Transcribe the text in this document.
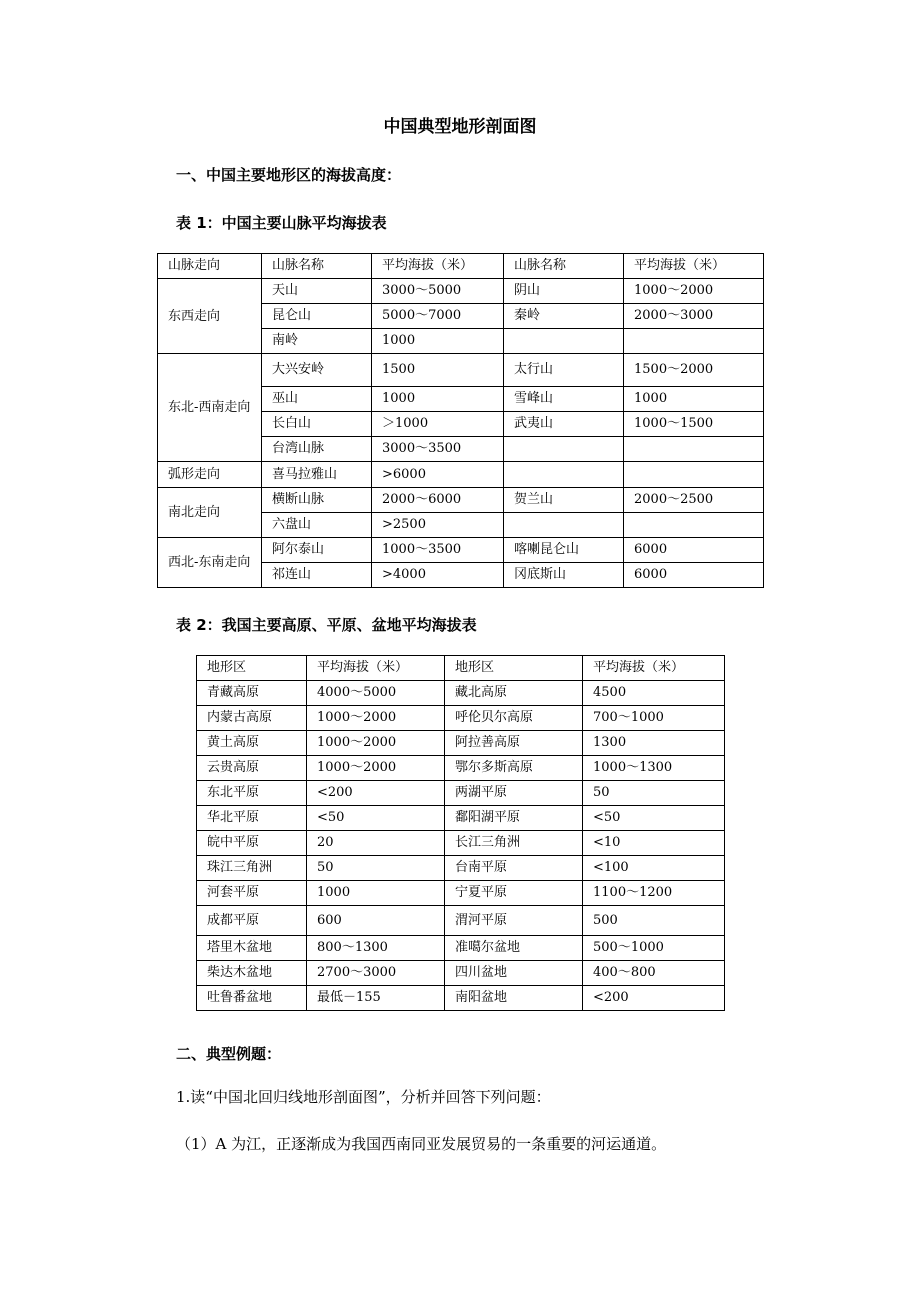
中国典型地形剖面图
一、中国主要地形区的海拔高度：
表 1：中国主要山脉平均海拔表
山脉走向	山脉名称	平均海拔（米）	山脉名称	平均海拔（米）
东西走向	天山	3000～5000	阴山	1000～2000
	昆仑山	5000～7000	秦岭	2000～3000
	南岭	1000		
东北-西南走向	大兴安岭	1500	太行山	1500～2000
	巫山	1000	雪峰山	1000
	长白山	＞1000	武夷山	1000～1500
	台湾山脉	3000～3500		
弧形走向	喜马拉雅山	>6000		
南北走向	横断山脉	2000～6000	贺兰山	2000～2500
	六盘山	>2500		
西北-东南走向	阿尔泰山	1000～3500	喀喇昆仑山	6000
	祁连山	>4000	冈底斯山	6000
表 2：我国主要高原、平原、盆地平均海拔表
地形区	平均海拔（米）	地形区	平均海拔（米）
青藏高原	4000～5000	藏北高原	4500
内蒙古高原	1000～2000	呼伦贝尔高原	700～1000
黄土高原	1000～2000	阿拉善高原	1300
云贵高原	1000～2000	鄂尔多斯高原	1000～1300
东北平原	<200	两湖平原	50
华北平原	<50	鄱阳湖平原	<50
皖中平原	20	长江三角洲	<10
珠江三角洲	50	台南平原	<100
河套平原	1000	宁夏平原	1100～1200
成都平原	600	渭河平原	500
塔里木盆地	800～1300	准噶尔盆地	500～1000
柴达木盆地	2700～3000	四川盆地	400～800
吐鲁番盆地	最低－155	南阳盆地	<200
二、典型例题：
1.读“中国北回归线地形剖面图”，分析并回答下列问题：
（1）A 为江，正逐渐成为我国西南同亚发展贸易的一条重要的河运通道。
